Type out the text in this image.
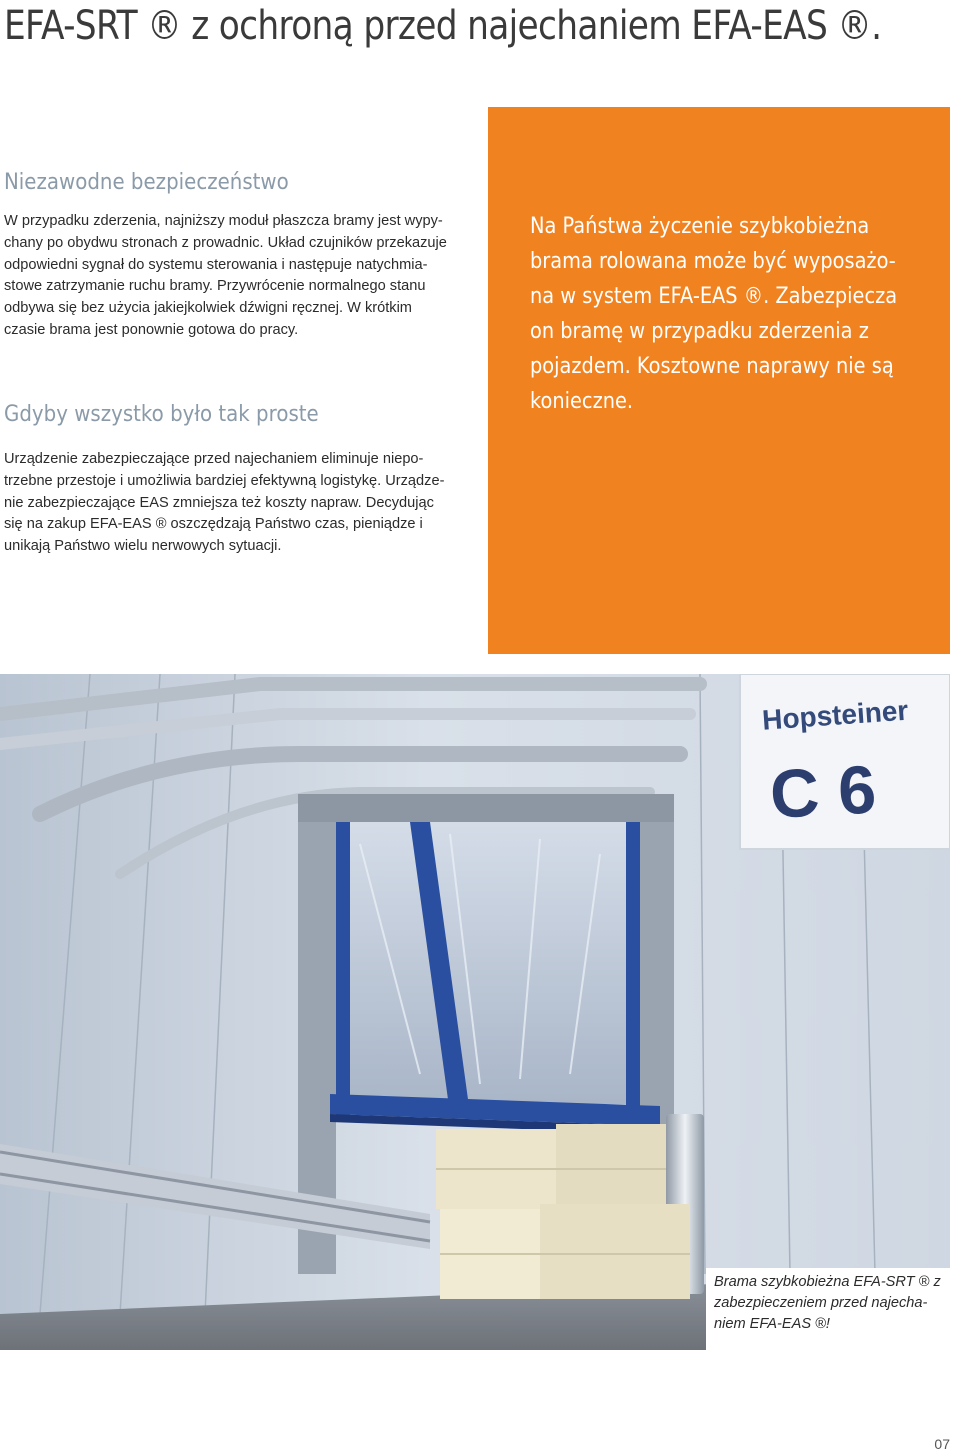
EFA-SRT ® z ochroną przed najechaniem EFA-EAS ®.
Niezawodne bezpieczeństwo

W przypadku zderzenia, najniższy moduł płaszcza bramy jest wypy-
chany po obydwu stronach z prowadnic. Układ czujników przekazuje
odpowiedni sygnał do systemu sterowania i następuje natychmia-
stowe zatrzymanie ruchu bramy. Przywrócenie normalnego stanu
odbywa się bez użycia jakiejkolwiek dźwigni ręcznej. W krótkim
czasie brama jest ponownie gotowa do pracy.

Gdyby wszystko było tak proste

Urządzenie zabezpieczające przed najechaniem eliminuje niepo-
trzebne przestoje i umożliwia bardziej efektywną logistykę. Urządze-
nie zabezpieczające EAS zmniejsza też koszty napraw. Decydując
się na zakup EFA-EAS ® oszczędzają Państwo czas, pieniądze i
unikają Państwo wielu nerwowych sytuacji.

Na Państwa życzenie szybkobieżna
brama rolowana może być wyposażo-
na w system EFA-EAS ®. Zabezpiecza
on bramę w przypadku zderzenia z
pojazdem. Kosztowne naprawy nie są
konieczne.

Hopsteiner
C 6

Brama szybkobieżna EFA-SRT ® z
zabezpieczeniem przed najecha-
niem EFA-EAS ®!

07
